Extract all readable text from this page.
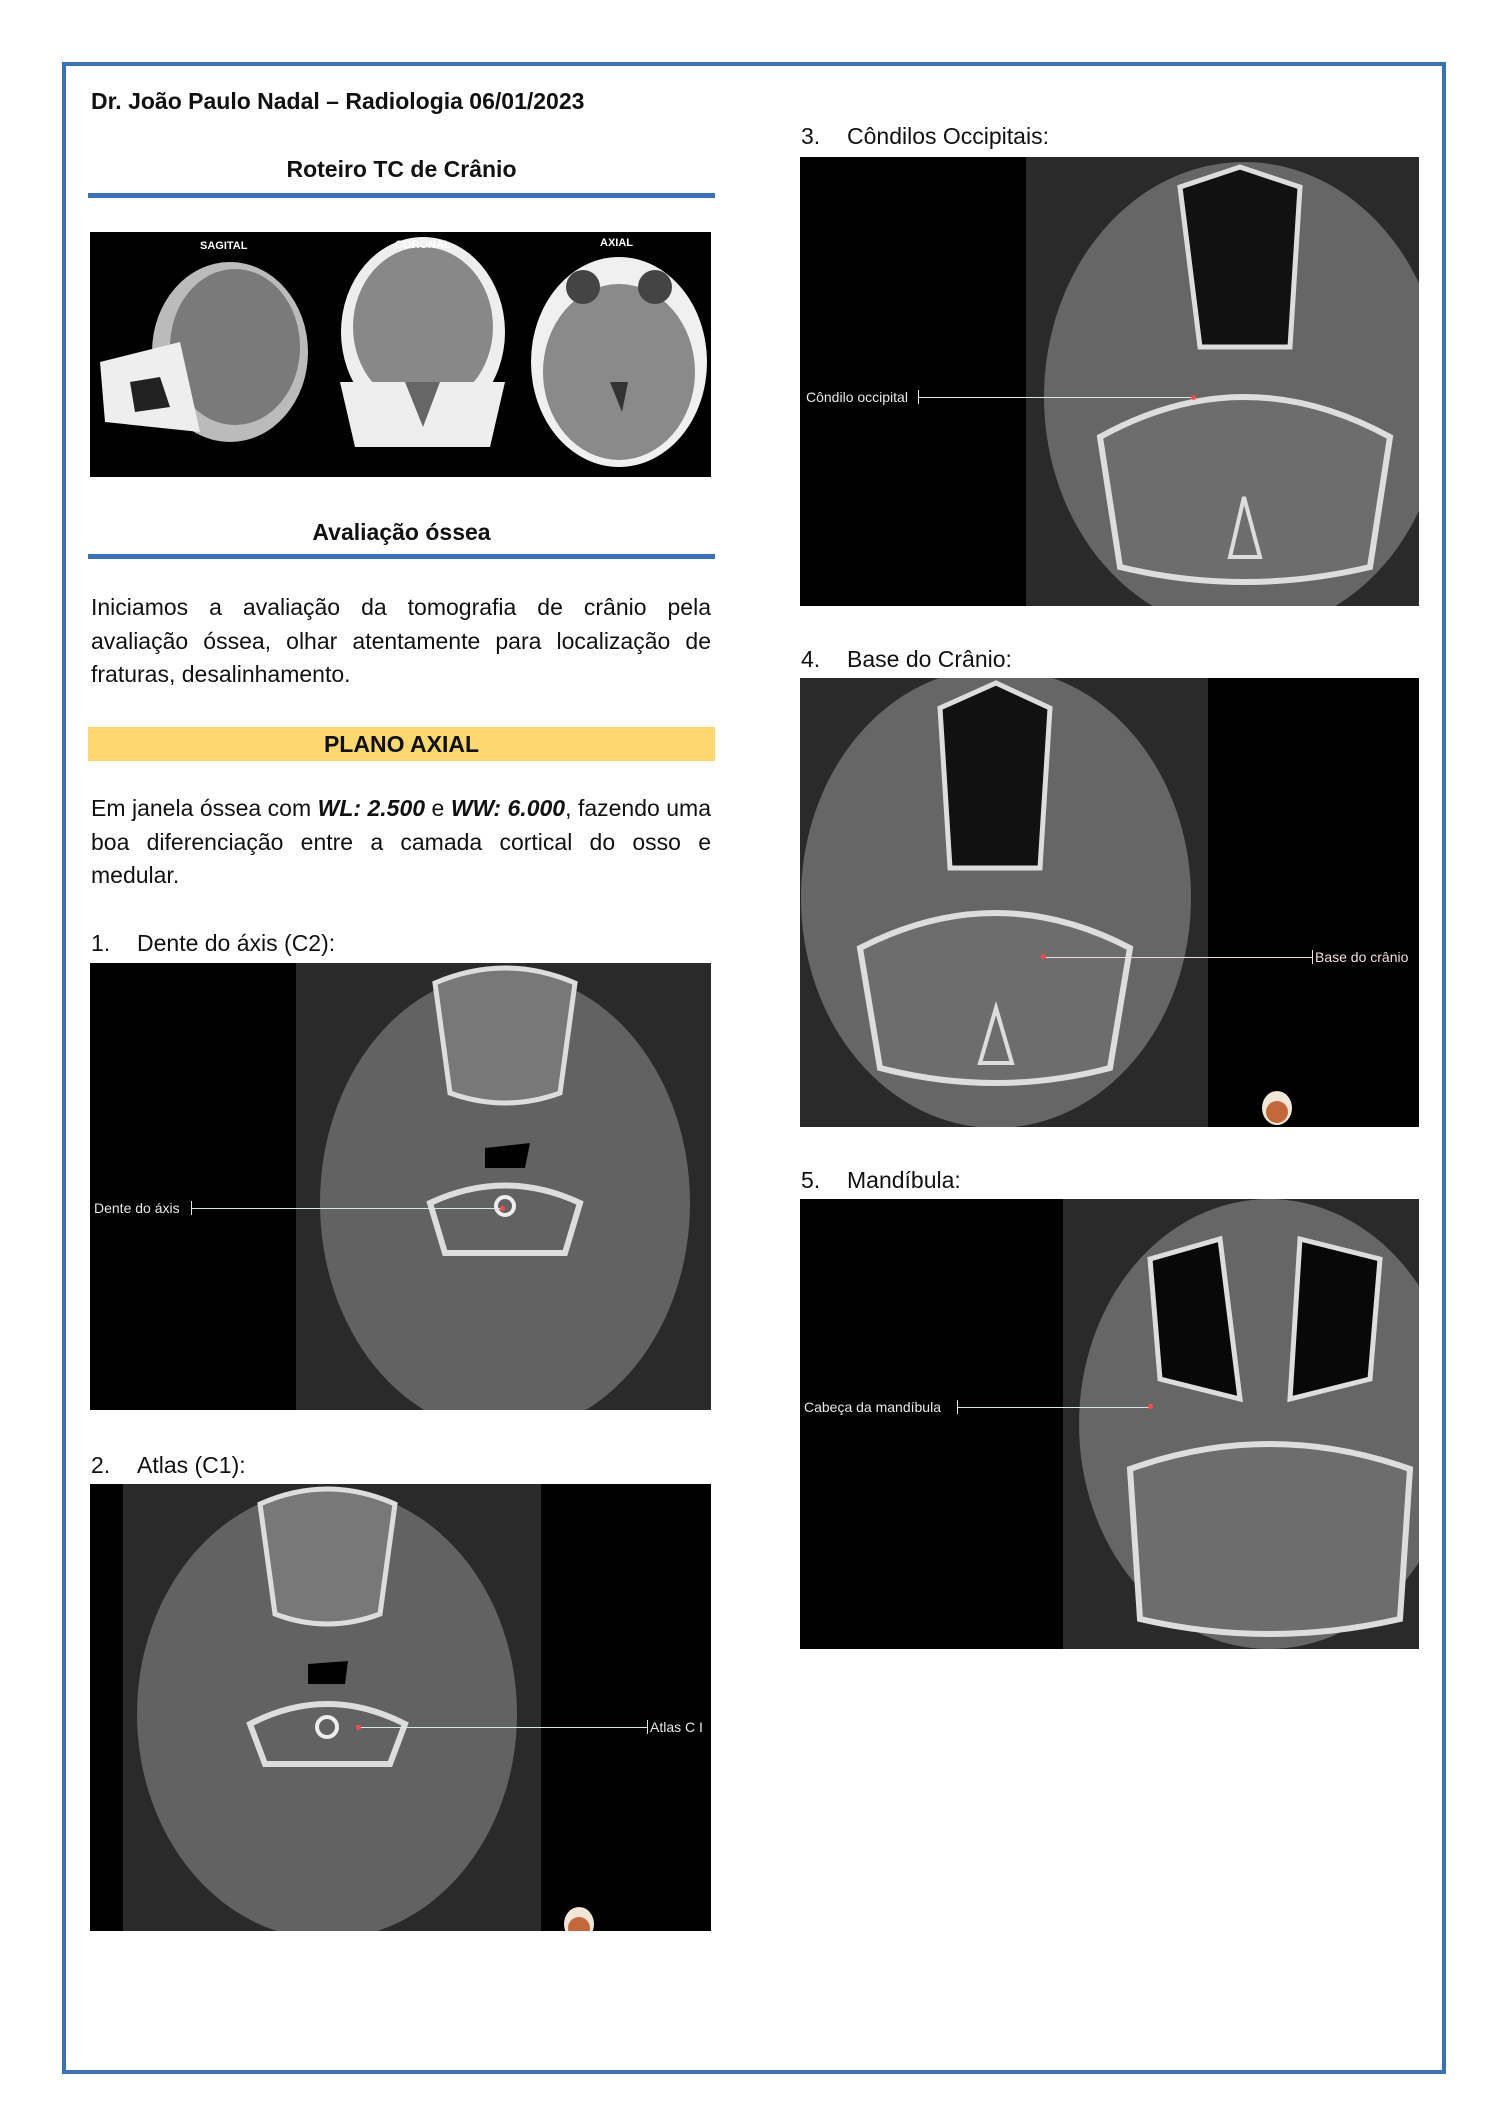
Dr. João Paulo Nadal – Radiologia 06/01/2023
Roteiro TC de Crânio
SAGITAL	CORONAL	AXIAL
Avaliação óssea
Iniciamos a avaliação da tomografia de crânio pela avaliação óssea, olhar atentamente para localização de fraturas, desalinhamento.
PLANO AXIAL
Em janela óssea com WL: 2.500 e WW: 6.000, fazendo uma boa diferenciação entre a camada cortical do osso e medular.
1. Dente do áxis (C2):
Dente do áxis
2. Atlas (C1):
Atlas C I
3. Côndilos Occipitais:
Côndilo occipital
4. Base do Crânio:
Base do crânio
5. Mandíbula:
Cabeça da mandíbula
